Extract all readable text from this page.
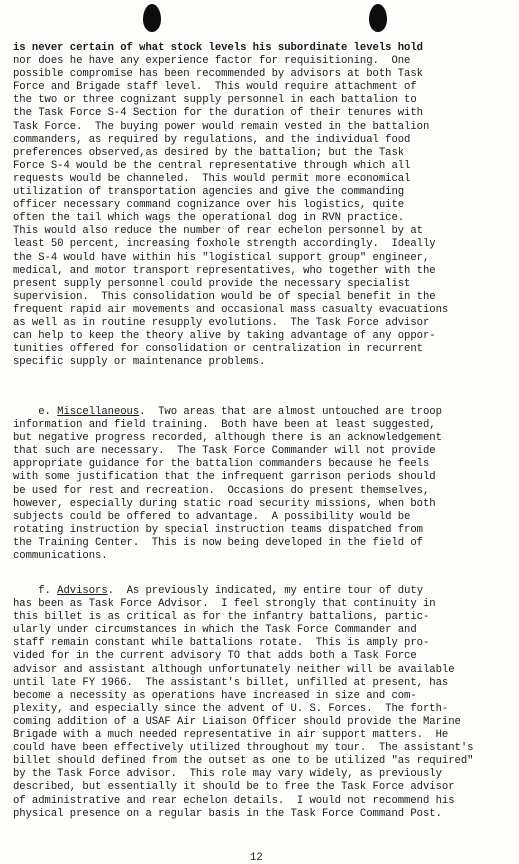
is never certain of what stock levels his subordinate levels hold
nor does he have any experience factor for requisitioning.  One
possible compromise has been recommended by advisors at both Task
Force and Brigade staff level.  This would require attachment of
the two or three cognizant supply personnel in each battalion to
the Task Force S-4 Section for the duration of their tenures with
Task Force.  The buying power would remain vested in the battalion
commanders, as required by regulations, and the individual food
preferences observed,as desired by the battalion; but the Task
Force S-4 would be the central representative through which all
requests would be channeled.  This would permit more economical
utilization of transportation agencies and give the commanding
officer necessary command cognizance over his logistics, quite
often the tail which wags the operational dog in RVN practice.
This would also reduce the number of rear echelon personnel by at
least 50 percent, increasing foxhole strength accordingly.  Ideally
the S-4 would have within his "logistical support group" engineer,
medical, and motor transport representatives, who together with the
present supply personnel could provide the necessary specialist
supervision.  This consolidation would be of special benefit in the
frequent rapid air movements and occasional mass casualty evacuations
as well as in routine resupply evolutions.  The Task Force advisor
can help to keep the theory alive by taking advantage of any oppor-
tunities offered for consolidation or centralization in recurrent
specific supply or maintenance problems.
e. Miscellaneous.  Two areas that are almost untouched are troop
information and field training.  Both have been at least suggested,
but negative progress recorded, although there is an acknowledgement
that such are necessary.  The Task Force Commander will not provide
appropriate guidance for the battalion commanders because he feels
with some justification that the infrequent garrison periods should
be used for rest and recreation.  Occasions do present themselves,
however, especially during static road security missions, when both
subjects could be offered to advantage.  A possibility would be
rotating instruction by special instruction teams dispatched from
the Training Center.  This is now being developed in the field of
communications.
f. Advisors.  As previously indicated, my entire tour of duty
has been as Task Force Advisor.  I feel strongly that continuity in
this billet is as critical as for the infantry battalions, partic-
ularly under circumstances in which the Task Force Commander and
staff remain constant while battalions rotate.  This is amply pro-
vided for in the current advisory TO that adds both a Task Force
advisor and assistant although unfortunately neither will be available
until late FY 1966.  The assistant's billet, unfilled at present, has
become a necessity as operations have increased in size and com-
plexity, and especially since the advent of U. S. Forces.  The forth-
coming addition of a USAF Air Liaison Officer should provide the Marine
Brigade with a much needed representative in air support matters.  He
could have been effectively utilized throughout my tour.  The assistant's
billet should defined from the outset as one to be utilized "as required"
by the Task Force advisor.  This role may vary widely, as previously
described, but essentially it should be to free the Task Force advisor
of administrative and rear echelon details.  I would not recommend his
physical presence on a regular basis in the Task Force Command Post.
12
